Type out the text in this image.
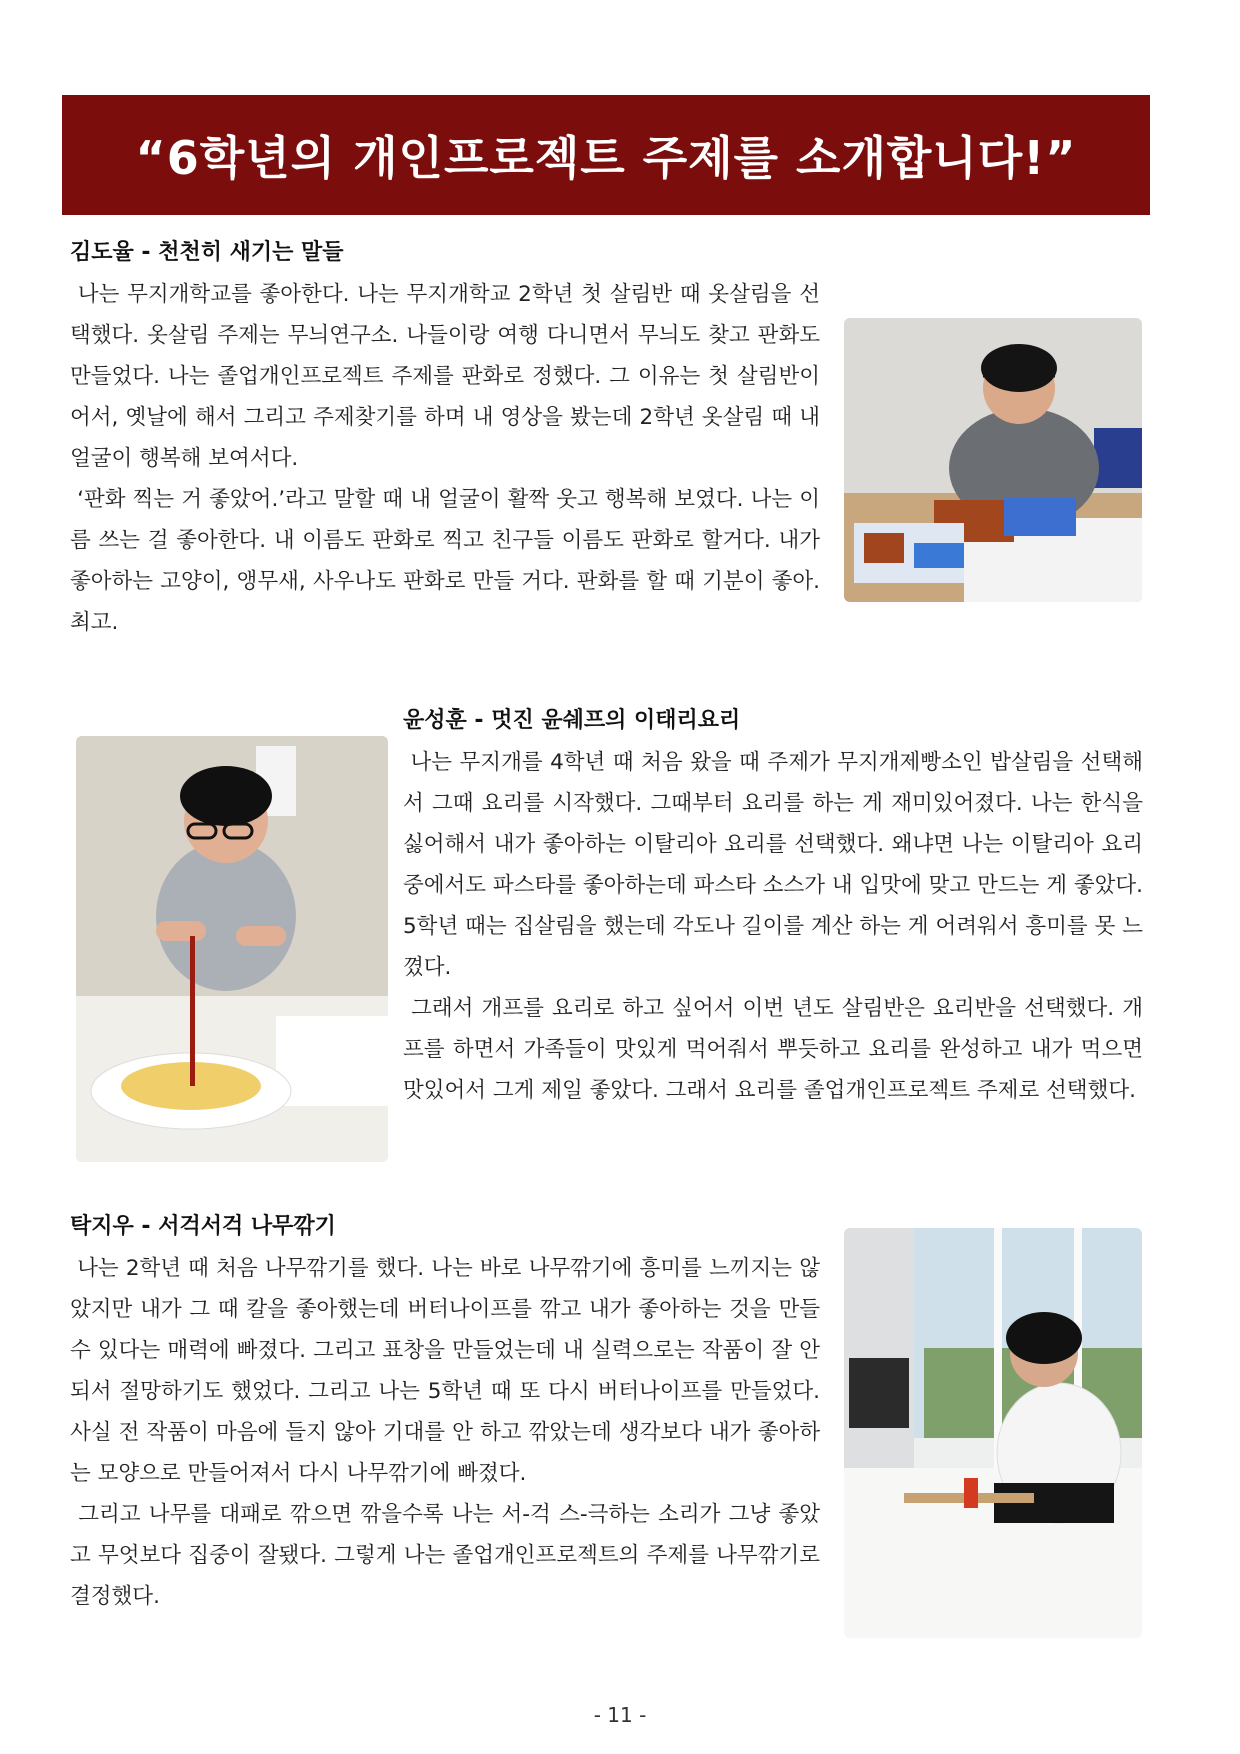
“6학년의 개인프로젝트 주제를 소개합니다!”
김도율 - 천천히 새기는 말들

나는 무지개학교를 좋아한다. 나는 무지개학교 2학년 첫 살림반 때 옷살림을 선택했다. 옷살림 주제는 무늬연구소. 나들이랑 여행 다니면서 무늬도 찾고 판화도 만들었다. 나는 졸업개인프로젝트 주제를 판화로 정했다. 그 이유는 첫 살림반이어서, 옛날에 해서 그리고 주제찾기를 하며 내 영상을 봤는데 2학년 옷살림 때 내 얼굴이 행복해 보여서다.

‘판화 찍는 거 좋았어.’라고 말할 때 내 얼굴이 활짝 웃고 행복해 보였다. 나는 이름 쓰는 걸 좋아한다. 내 이름도 판화로 찍고 친구들 이름도 판화로 할거다. 내가 좋아하는 고양이, 앵무새, 사우나도 판화로 만들 거다. 판화를 할 때 기분이 좋아. 최고.

윤성훈 - 멋진 윤쉐프의 이태리요리

나는 무지개를 4학년 때 처음 왔을 때 주제가 무지개제빵소인 밥살림을 선택해서 그때 요리를 시작했다. 그때부터 요리를 하는 게 재미있어졌다. 나는 한식을 싫어해서 내가 좋아하는 이탈리아 요리를 선택했다. 왜냐면 나는 이탈리아 요리 중에서도 파스타를 좋아하는데 파스타 소스가 내 입맛에 맞고 만드는 게 좋았다. 5학년 때는 집살림을 했는데 각도나 길이를 계산 하는 게 어려워서 흥미를 못 느꼈다.

그래서 개프를 요리로 하고 싶어서 이번 년도 살림반은 요리반을 선택했다. 개프를 하면서 가족들이 맛있게 먹어줘서 뿌듯하고 요리를 완성하고 내가 먹으면 맛있어서 그게 제일 좋았다. 그래서 요리를 졸업개인프로젝트 주제로 선택했다.

탁지우 - 서걱서걱 나무깎기

나는 2학년 때 처음 나무깎기를 했다. 나는 바로 나무깎기에 흥미를 느끼지는 않았지만 내가 그 때 칼을 좋아했는데 버터나이프를 깎고 내가 좋아하는 것을 만들 수 있다는 매력에 빠졌다. 그리고 표창을 만들었는데 내 실력으로는 작품이 잘 안 되서 절망하기도 했었다. 그리고 나는 5학년 때 또 다시 버터나이프를 만들었다. 사실 전 작품이 마음에 들지 않아 기대를 안 하고 깎았는데 생각보다 내가 좋아하는 모양으로 만들어져서 다시 나무깎기에 빠졌다.

그리고 나무를 대패로 깎으면 깎을수록 나는 서-걱 스-극하는 소리가 그냥 좋았고 무엇보다 집중이 잘됐다. 그렇게 나는 졸업개인프로젝트의 주제를 나무깎기로 결정했다.

- 11 -
